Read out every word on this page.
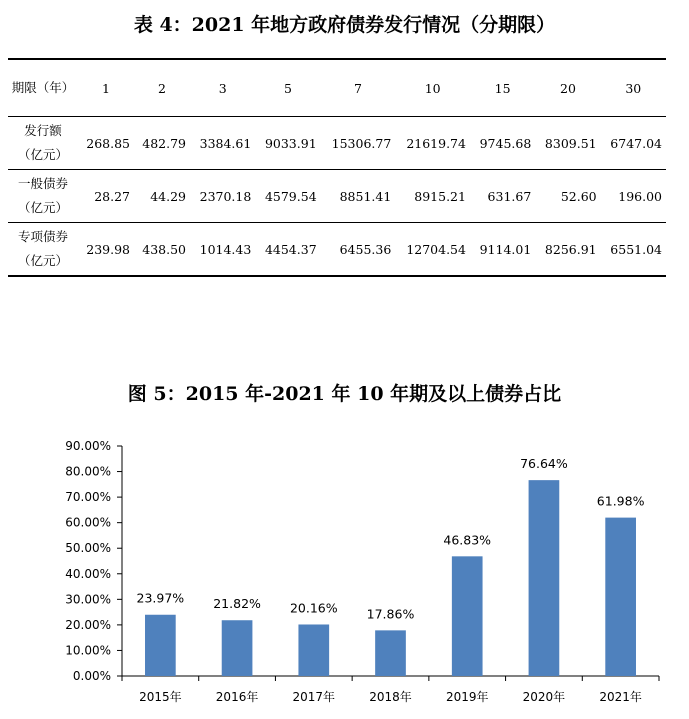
表 4：2021 年地方政府债券发行情况（分期限）
期限（年）	1	2	3	5	7	10	15	20	30
发行额
（亿元）	268.85	482.79	3384.61	9033.91	15306.77	21619.74	9745.68	8309.51	6747.04
一般债券
（亿元）	28.27	44.29	2370.18	4579.54	8851.41	8915.21	631.67	52.60	196.00
专项债券
（亿元）	239.98	438.50	1014.43	4454.37	6455.36	12704.54	9114.01	8256.91	6551.04
图 5：2015 年-2021 年 10 年期及以上债券占比
0.00%
10.00%
20.00%
30.00%
40.00%
50.00%
60.00%
70.00%
80.00%
90.00%
23.97%
2015年
21.82%
2016年
20.16%
2017年
17.86%
2018年
46.83%
2019年
76.64%
2020年
61.98%
2021年
